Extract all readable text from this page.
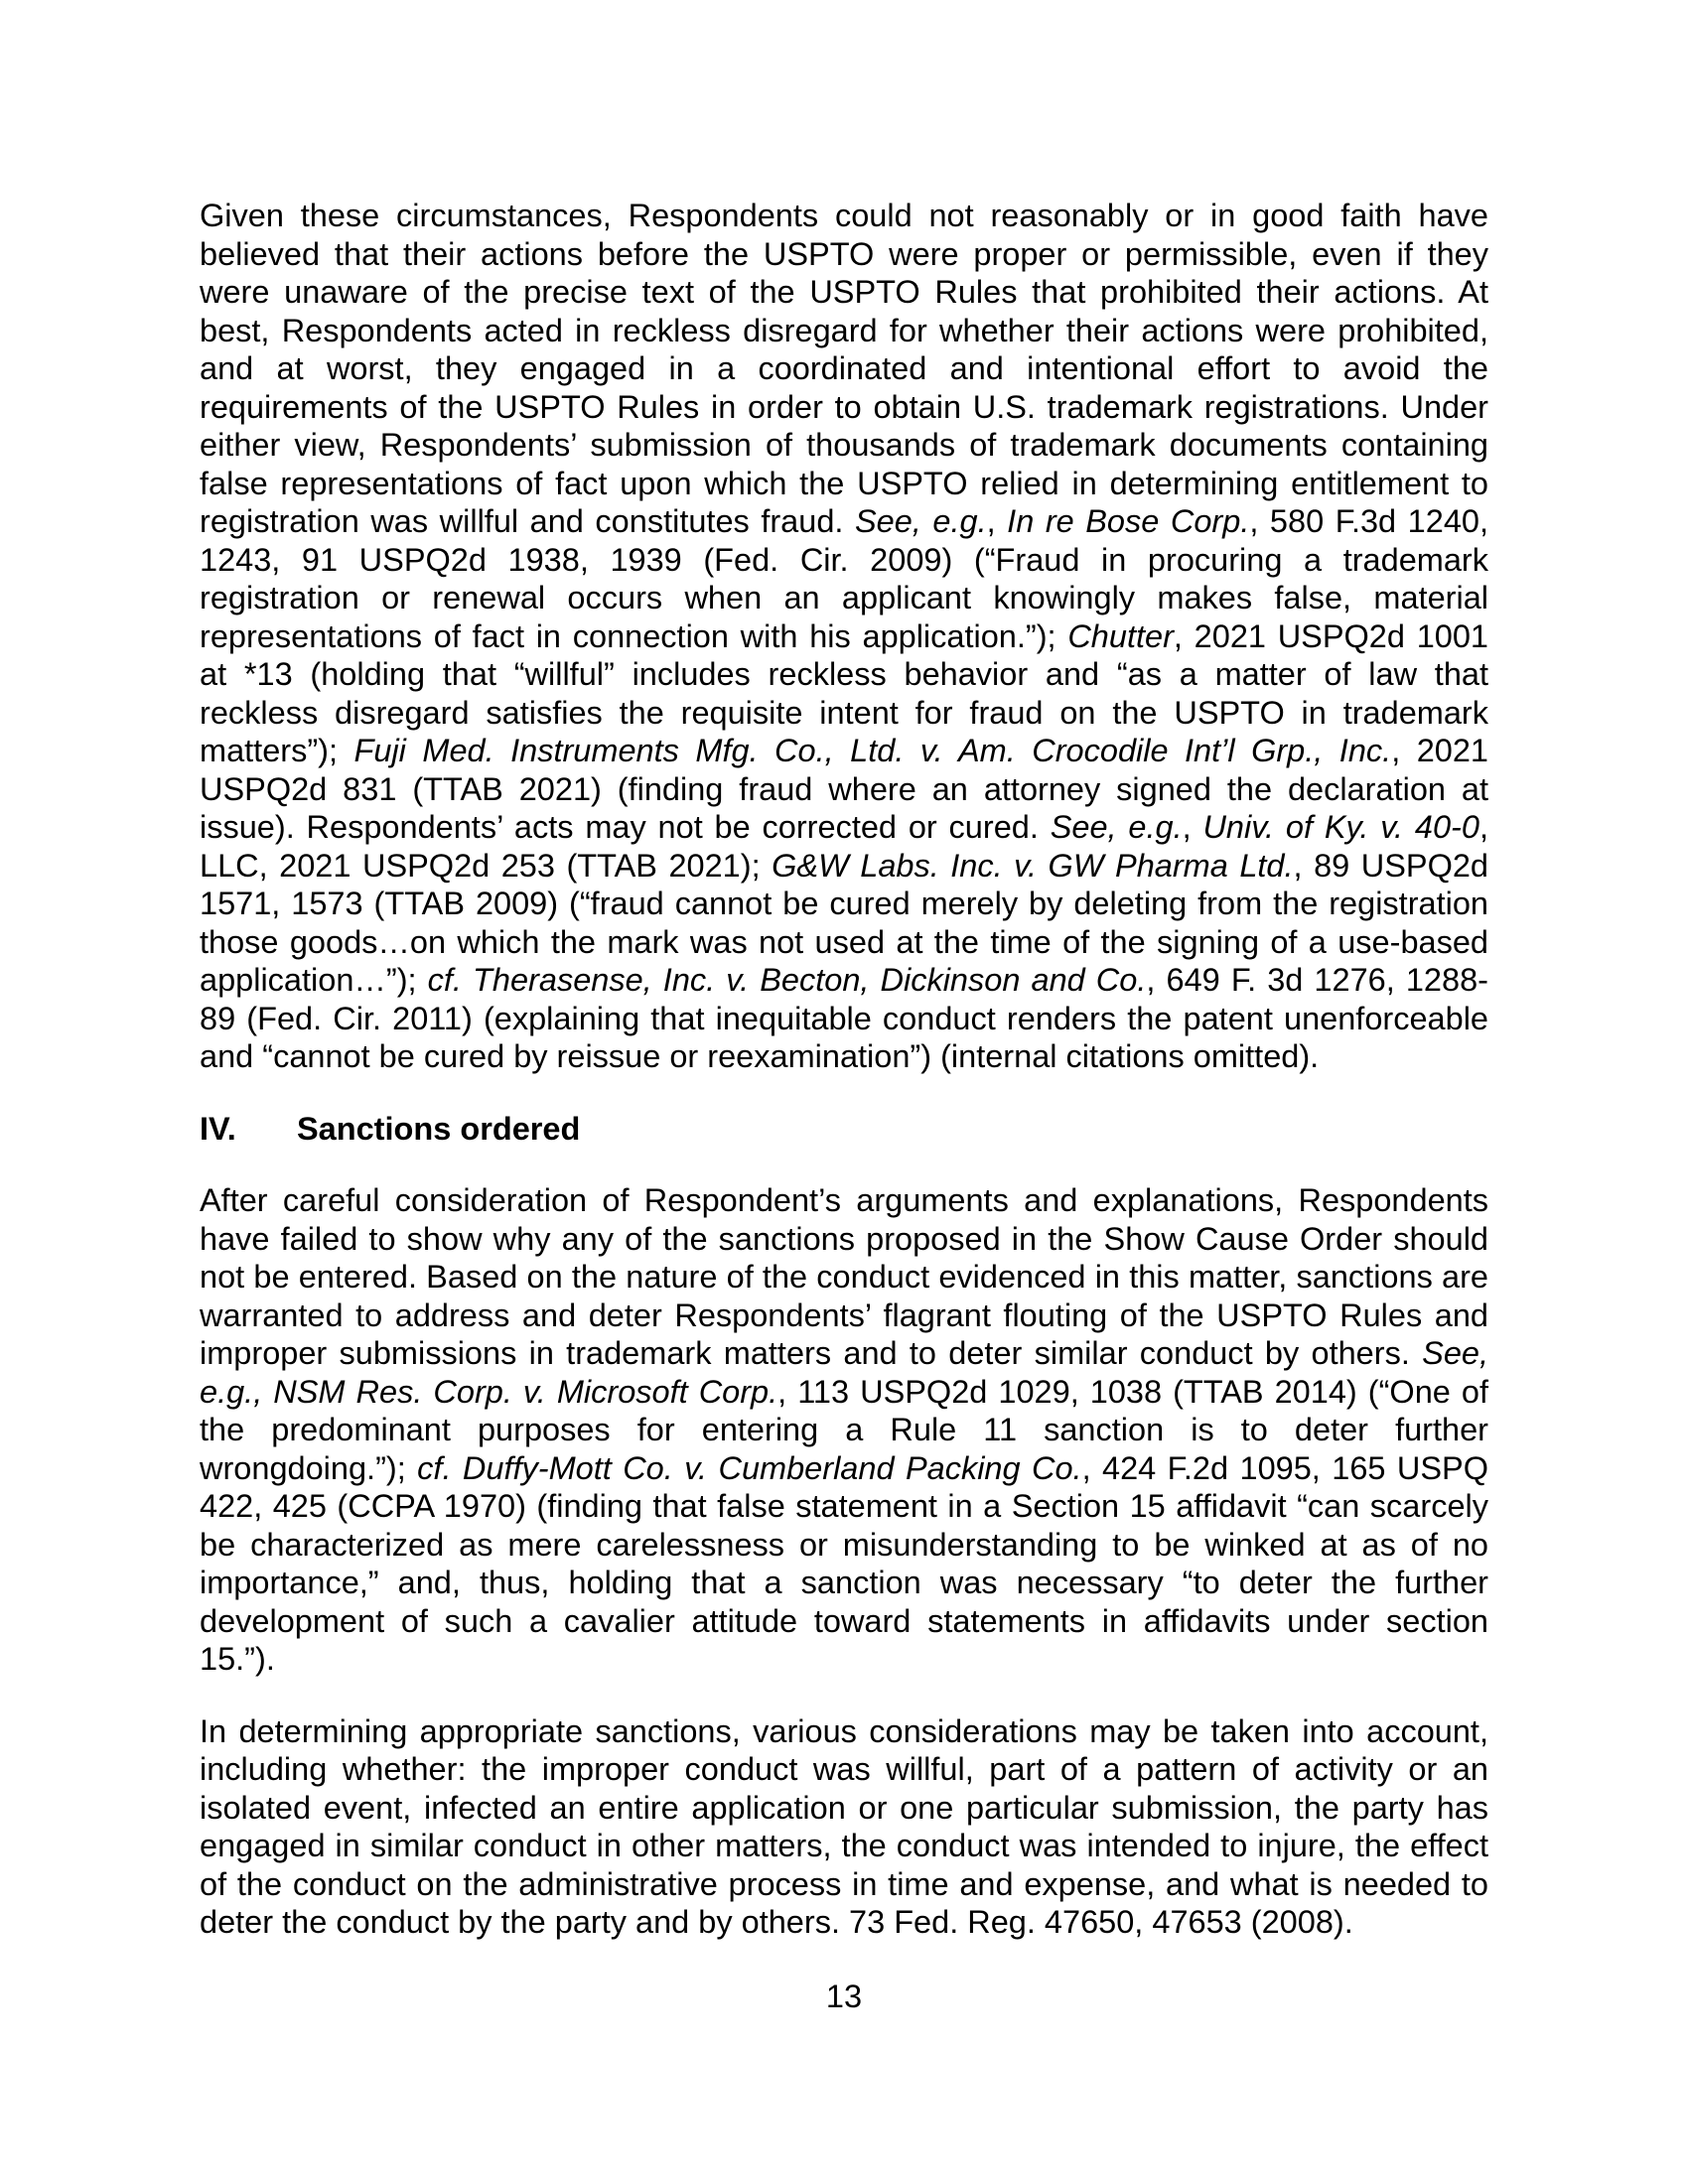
Given these circumstances, Respondents could not reasonably or in good faith have believed that their actions before the USPTO were proper or permissible, even if they were unaware of the precise text of the USPTO Rules that prohibited their actions. At best, Respondents acted in reckless disregard for whether their actions were prohibited, and at worst, they engaged in a coordinated and intentional effort to avoid the requirements of the USPTO Rules in order to obtain U.S. trademark registrations. Under either view, Respondents’ submission of thousands of trademark documents containing false representations of fact upon which the USPTO relied in determining entitlement to registration was willful and constitutes fraud. See, e.g., In re Bose Corp., 580 F.3d 1240, 1243, 91 USPQ2d 1938, 1939 (Fed. Cir. 2009) (“Fraud in procuring a trademark registration or renewal occurs when an applicant knowingly makes false, material representations of fact in connection with his application.”); Chutter, 2021 USPQ2d 1001 at *13 (holding that “willful” includes reckless behavior and “as a matter of law that reckless disregard satisfies the requisite intent for fraud on the USPTO in trademark matters”); Fuji Med. Instruments Mfg. Co., Ltd. v. Am. Crocodile Int’l Grp., Inc., 2021 USPQ2d 831 (TTAB 2021) (finding fraud where an attorney signed the declaration at issue). Respondents’ acts may not be corrected or cured. See, e.g., Univ. of Ky. v. 40-0, LLC, 2021 USPQ2d 253 (TTAB 2021); G&W Labs. Inc. v. GW Pharma Ltd., 89 USPQ2d 1571, 1573 (TTAB 2009) (“fraud cannot be cured merely by deleting from the registration those goods…on which the mark was not used at the time of the signing of a use-based application…”); cf. Therasense, Inc. v. Becton, Dickinson and Co., 649 F. 3d 1276, 1288-89 (Fed. Cir. 2011) (explaining that inequitable conduct renders the patent unenforceable and “cannot be cured by reissue or reexamination”) (internal citations omitted).

IV.	Sanctions ordered

After careful consideration of Respondent’s arguments and explanations, Respondents have failed to show why any of the sanctions proposed in the Show Cause Order should not be entered. Based on the nature of the conduct evidenced in this matter, sanctions are warranted to address and deter Respondents’ flagrant flouting of the USPTO Rules and improper submissions in trademark matters and to deter similar conduct by others. See, e.g., NSM Res. Corp. v. Microsoft Corp., 113 USPQ2d 1029, 1038 (TTAB 2014) (“One of the predominant purposes for entering a Rule 11 sanction is to deter further wrongdoing.”); cf. Duffy-Mott Co. v. Cumberland Packing Co., 424 F.2d 1095, 165 USPQ 422, 425 (CCPA 1970) (finding that false statement in a Section 15 affidavit “can scarcely be characterized as mere carelessness or misunderstanding to be winked at as of no importance,” and, thus, holding that a sanction was necessary “to deter the further development of such a cavalier attitude toward statements in affidavits under section 15.”).

In determining appropriate sanctions, various considerations may be taken into account, including whether: the improper conduct was willful, part of a pattern of activity or an isolated event, infected an entire application or one particular submission, the party has engaged in similar conduct in other matters, the conduct was intended to injure, the effect of the conduct on the administrative process in time and expense, and what is needed to deter the conduct by the party and by others. 73 Fed. Reg. 47650, 47653 (2008).

13
